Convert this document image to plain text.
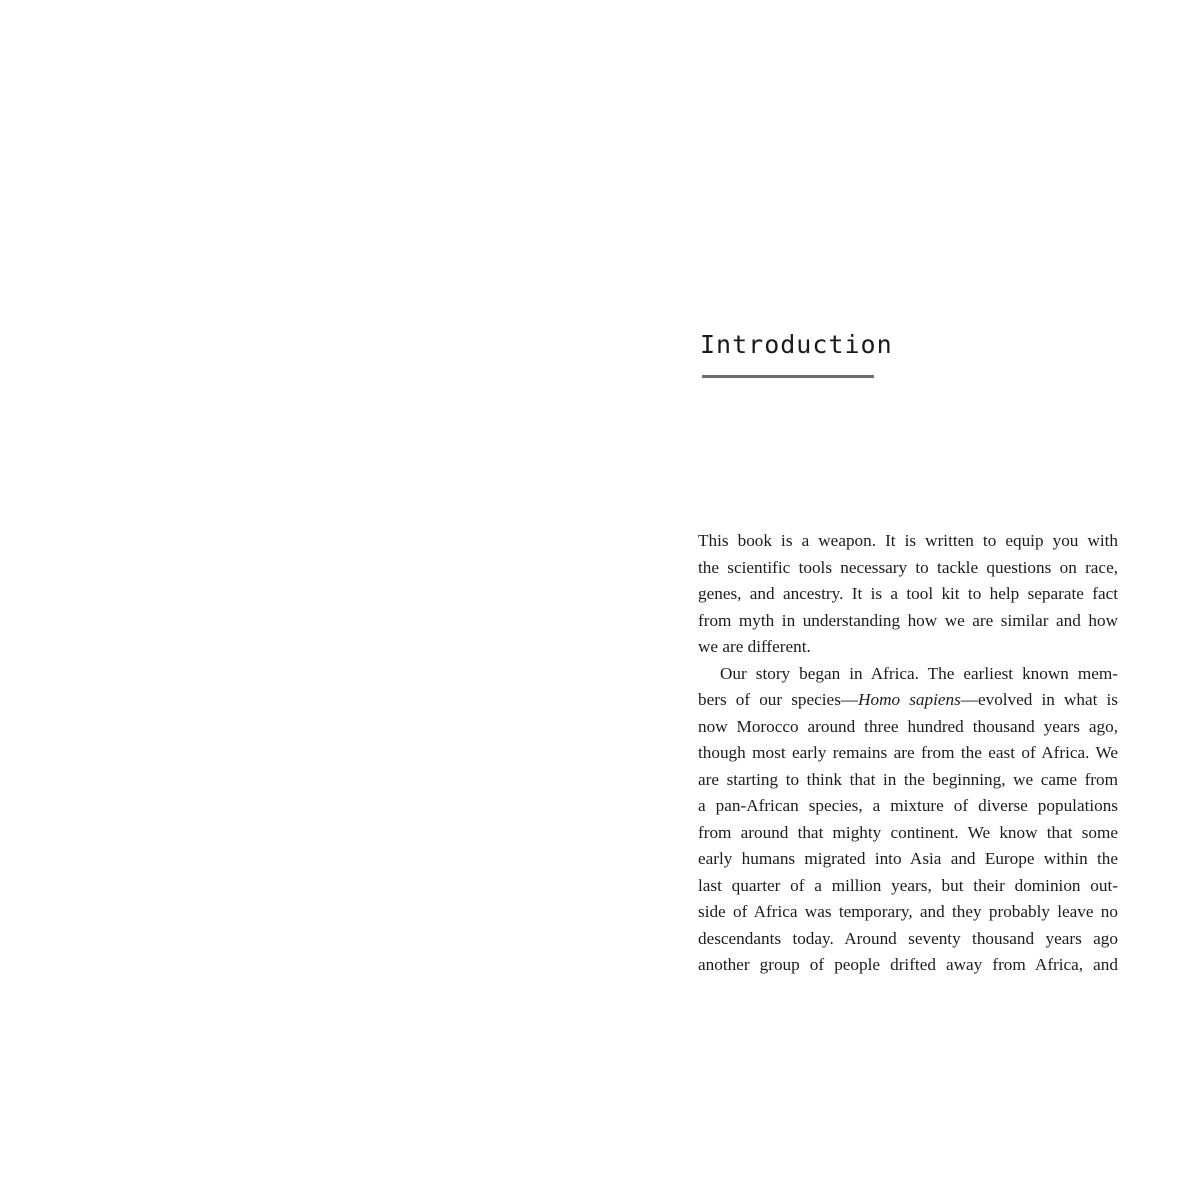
Introduction
This book is a weapon. It is written to equip you with
the scientific tools necessary to tackle questions on race,
genes, and ancestry. It is a tool kit to help separate fact
from myth in understanding how we are similar and how
we are different.
Our story began in Africa. The earliest known mem-
bers of our species—Homo sapiens—evolved in what is
now Morocco around three hundred thousand years ago,
though most early remains are from the east of Africa. We
are starting to think that in the beginning, we came from
a pan-African species, a mixture of diverse populations
from around that mighty continent. We know that some
early humans migrated into Asia and Europe within the
last quarter of a million years, but their dominion out-
side of Africa was temporary, and they probably leave no
descendants today. Around seventy thousand years ago
another group of people drifted away from Africa, and
